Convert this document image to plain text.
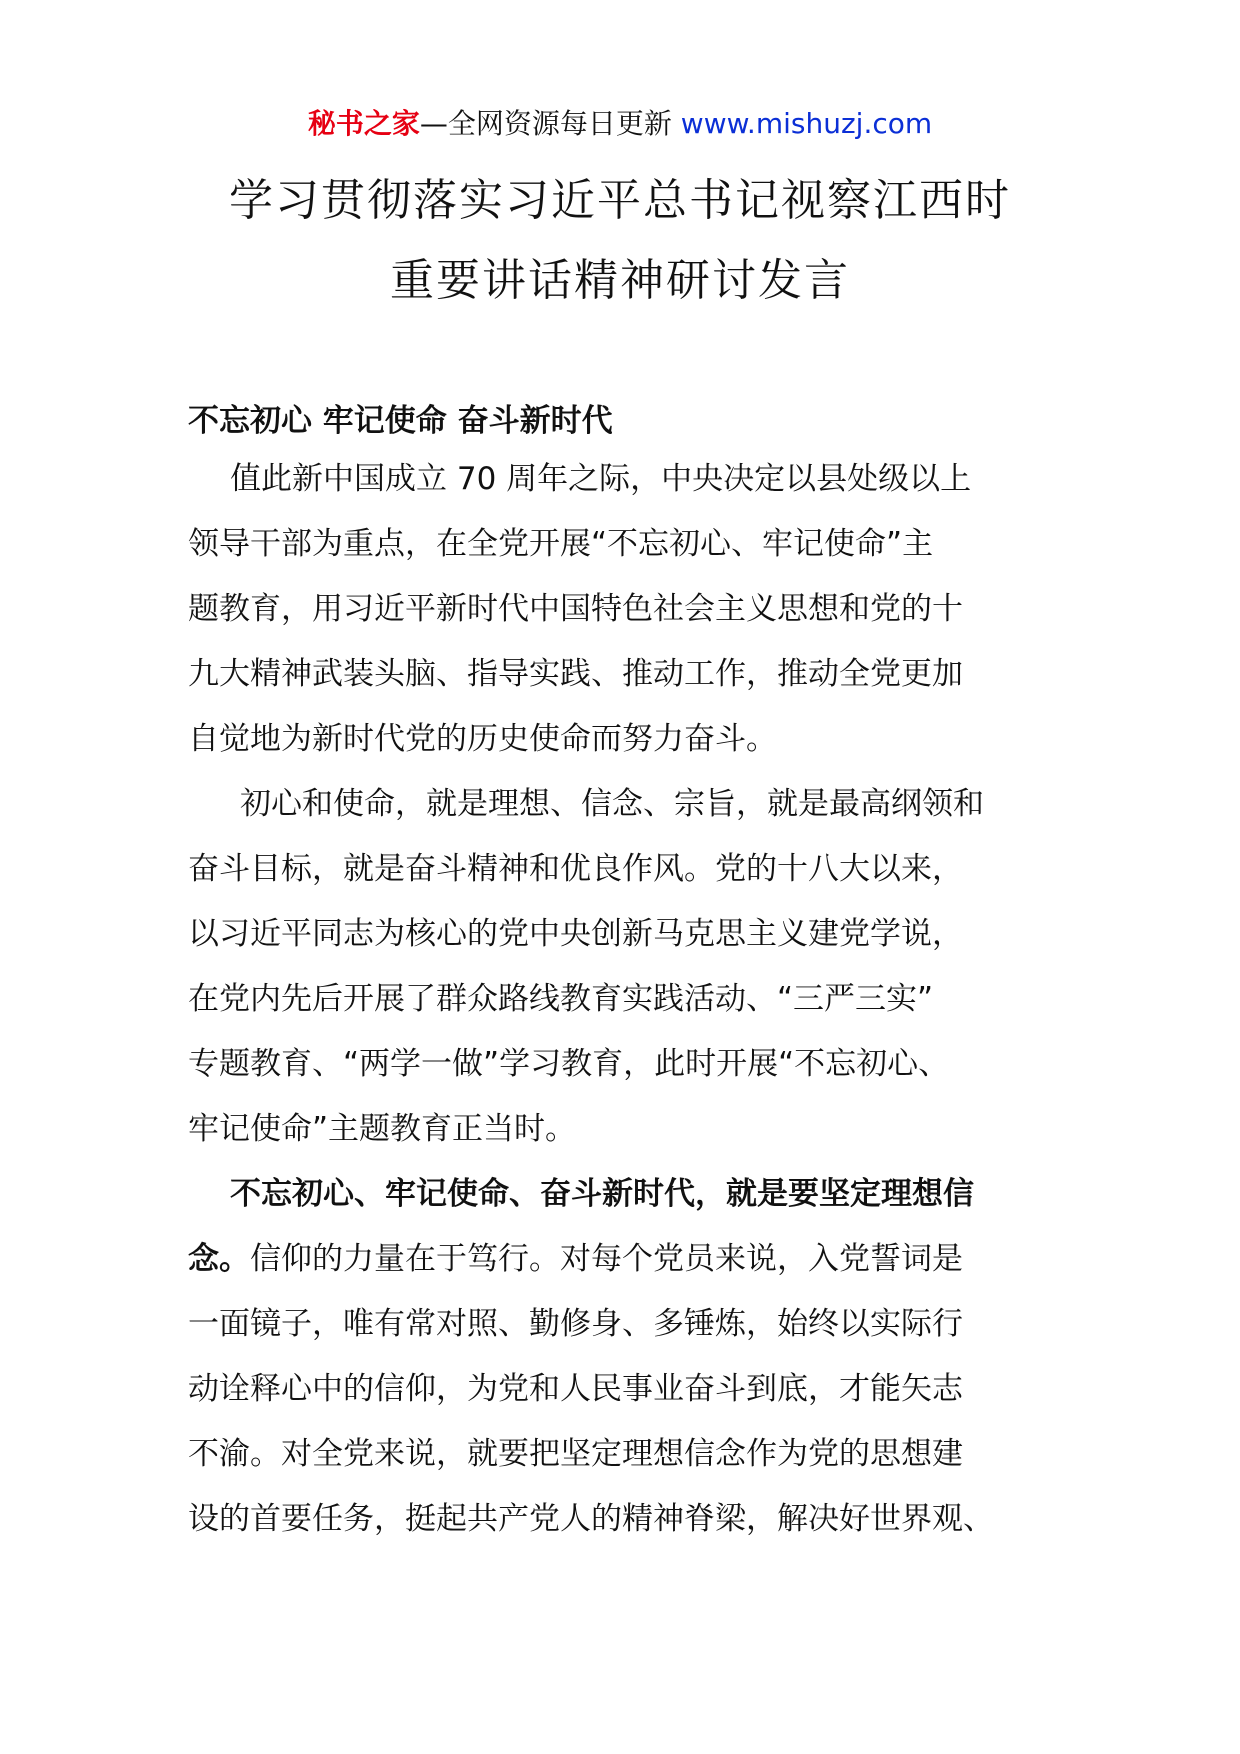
秘书之家—全网资源每日更新 www.mishuzj.com
学习贯彻落实习近平总书记视察江西时
重要讲话精神研讨发言
不忘初心 牢记使命 奋斗新时代
值此新中国成立 70 周年之际，中央决定以县处级以上
领导干部为重点，在全党开展“不忘初心、牢记使命”主
题教育，用习近平新时代中国特色社会主义思想和党的十
九大精神武装头脑、指导实践、推动工作，推动全党更加
自觉地为新时代党的历史使命而努力奋斗。
初心和使命，就是理想、信念、宗旨，就是最高纲领和
奋斗目标，就是奋斗精神和优良作风。党的十八大以来，
以习近平同志为核心的党中央创新马克思主义建党学说，
在党内先后开展了群众路线教育实践活动、“三严三实”
专题教育、“两学一做”学习教育，此时开展“不忘初心、
牢记使命”主题教育正当时。
不忘初心、牢记使命、奋斗新时代，就是要坚定理想信
念。信仰的力量在于笃行。对每个党员来说，入党誓词是
一面镜子，唯有常对照、勤修身、多锤炼，始终以实际行
动诠释心中的信仰，为党和人民事业奋斗到底，才能矢志
不渝。对全党来说，就要把坚定理想信念作为党的思想建
设的首要任务，挺起共产党人的精神脊梁，解决好世界观、
